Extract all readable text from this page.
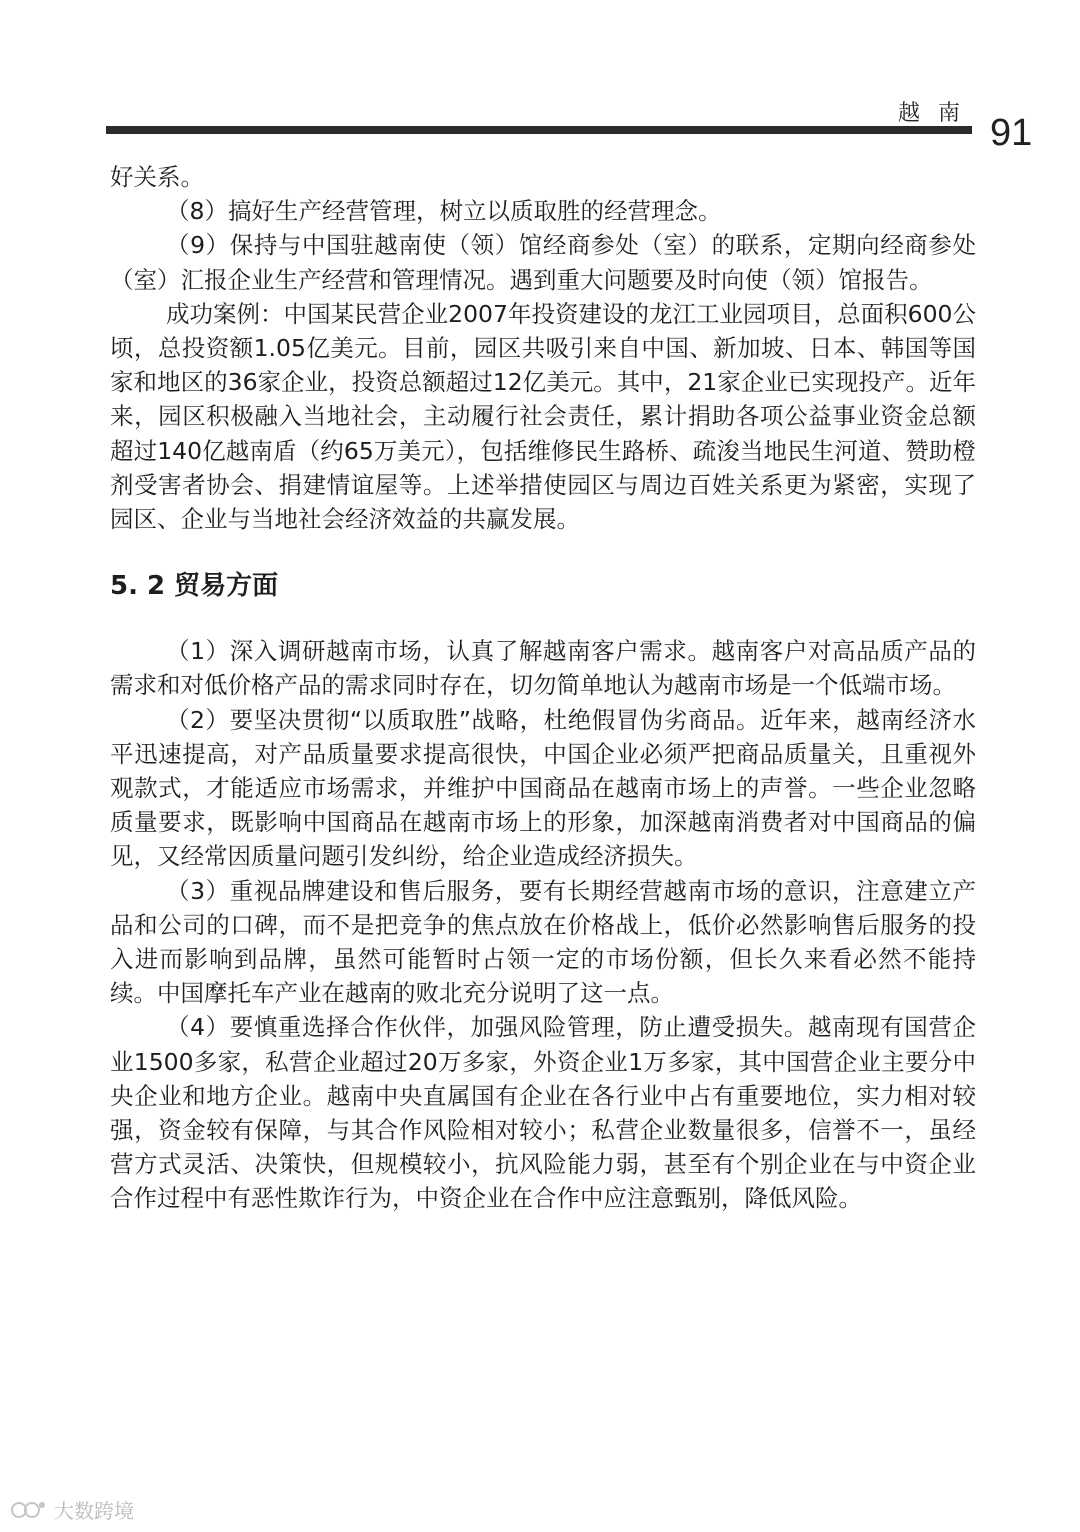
越南 91

好关系。

（8）搞好生产经营管理，树立以质取胜的经营理念。

（9）保持与中国驻越南使（领）馆经商参处（室）的联系，定期向经商参处（室）汇报企业生产经营和管理情况。遇到重大问题要及时向使（领）馆报告。

成功案例：中国某民营企业2007年投资建设的龙江工业园项目，总面积600公顷，总投资额1.05亿美元。目前，园区共吸引来自中国、新加坡、日本、韩国等国家和地区的36家企业，投资总额超过12亿美元。其中，21家企业已实现投产。近年来，园区积极融入当地社会，主动履行社会责任，累计捐助各项公益事业资金总额超过140亿越南盾（约65万美元），包括维修民生路桥、疏浚当地民生河道、赞助橙剂受害者协会、捐建情谊屋等。上述举措使园区与周边百姓关系更为紧密，实现了园区、企业与当地社会经济效益的共赢发展。

5. 2 贸易方面

（1）深入调研越南市场，认真了解越南客户需求。越南客户对高品质产品的需求和对低价格产品的需求同时存在，切勿简单地认为越南市场是一个低端市场。

（2）要坚决贯彻“以质取胜”战略，杜绝假冒伪劣商品。近年来，越南经济水平迅速提高，对产品质量要求提高很快，中国企业必须严把商品质量关，且重视外观款式，才能适应市场需求，并维护中国商品在越南市场上的声誉。一些企业忽略质量要求，既影响中国商品在越南市场上的形象，加深越南消费者对中国商品的偏见，又经常因质量问题引发纠纷，给企业造成经济损失。

（3）重视品牌建设和售后服务，要有长期经营越南市场的意识，注意建立产品和公司的口碑，而不是把竞争的焦点放在价格战上，低价必然影响售后服务的投入进而影响到品牌，虽然可能暂时占领一定的市场份额，但长久来看必然不能持续。中国摩托车产业在越南的败北充分说明了这一点。

（4）要慎重选择合作伙伴，加强风险管理，防止遭受损失。越南现有国营企业1500多家，私营企业超过20万多家，外资企业1万多家，其中国营企业主要分中央企业和地方企业。越南中央直属国有企业在各行业中占有重要地位，实力相对较强，资金较有保障，与其合作风险相对较小；私营企业数量很多，信誉不一，虽经营方式灵活、决策快，但规模较小，抗风险能力弱，甚至有个别企业在与中资企业合作过程中有恶性欺诈行为，中资企业在合作中应注意甄别，降低风险。

大数跨境
